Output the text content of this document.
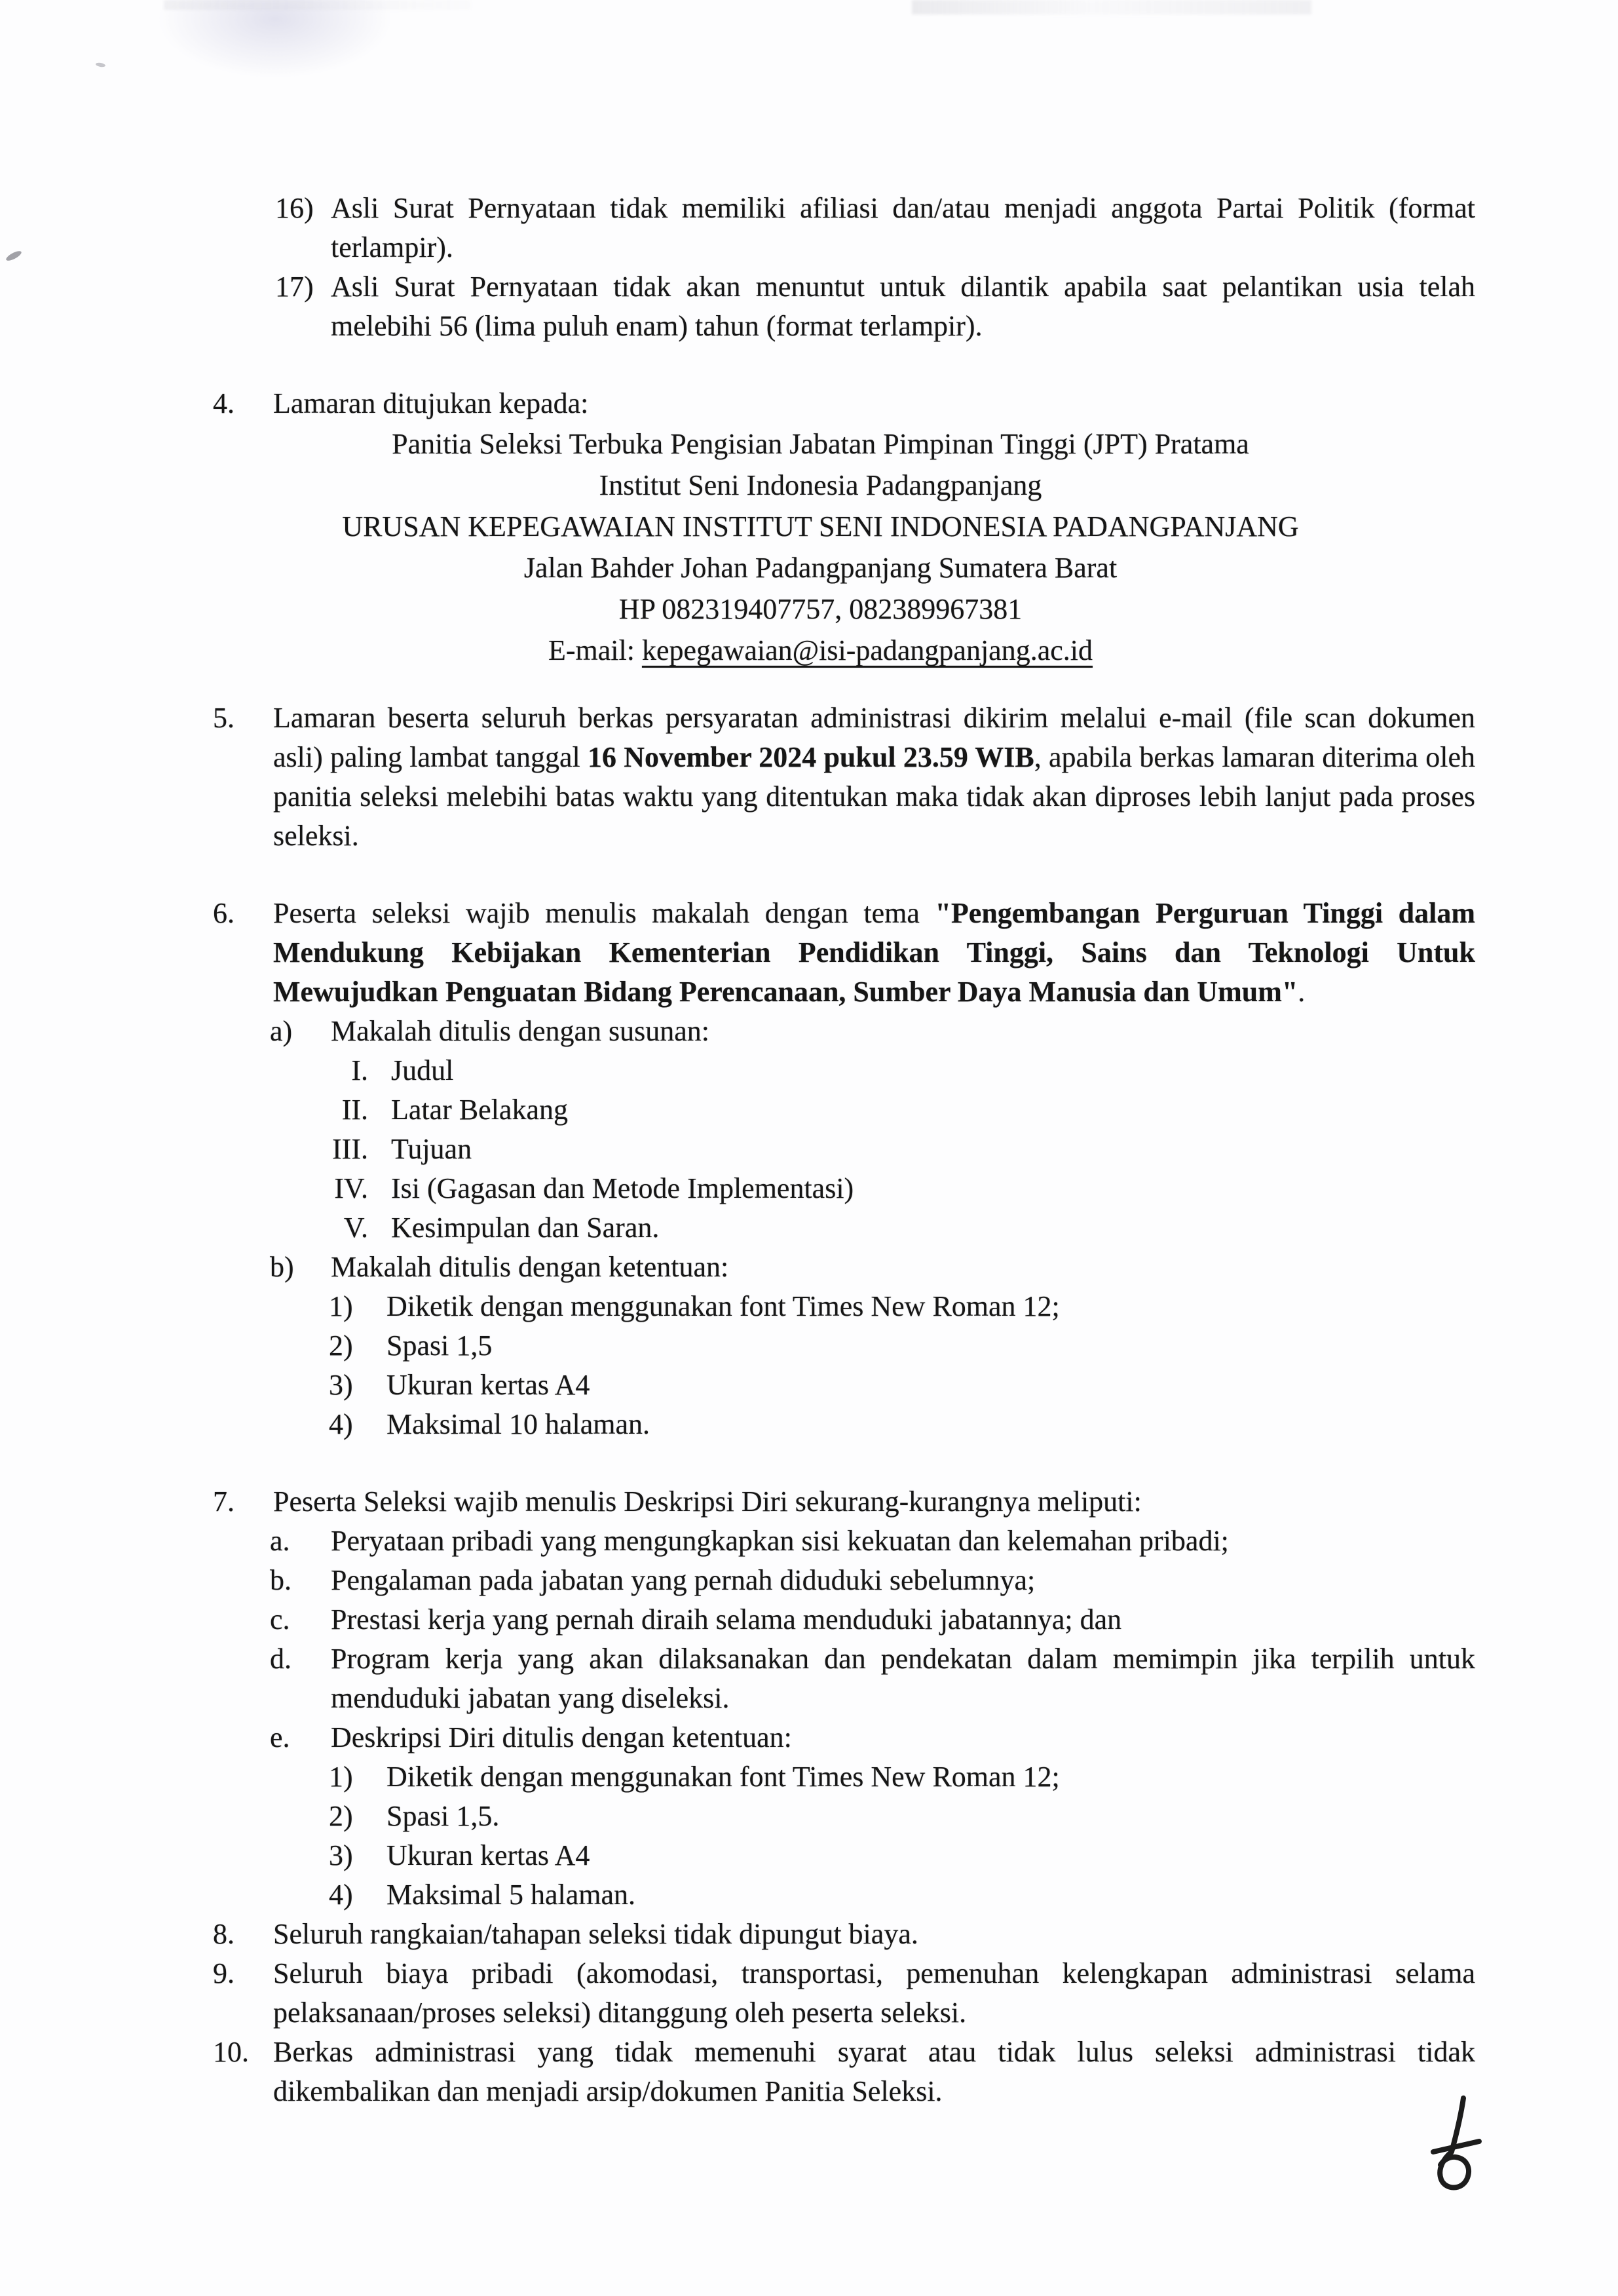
16) Asli Surat Pernyataan tidak memiliki afiliasi dan/atau menjadi anggota Partai Politik (format terlampir).
17) Asli Surat Pernyataan tidak akan menuntut untuk dilantik apabila saat pelantikan usia telah melebihi 56 (lima puluh enam) tahun (format terlampir).
4. Lamaran ditujukan kepada:
Panitia Seleksi Terbuka Pengisian Jabatan Pimpinan Tinggi (JPT) Pratama
Institut Seni Indonesia Padangpanjang
URUSAN KEPEGAWAIAN INSTITUT SENI INDONESIA PADANGPANJANG
Jalan Bahder Johan Padangpanjang Sumatera Barat
HP 082319407757, 082389967381
E-mail: kepegawaian@isi-padangpanjang.ac.id
5. Lamaran beserta seluruh berkas persyaratan administrasi dikirim melalui e-mail (file scan dokumen asli) paling lambat tanggal 16 November 2024 pukul 23.59 WIB, apabila berkas lamaran diterima oleh panitia seleksi melebihi batas waktu yang ditentukan maka tidak akan diproses lebih lanjut pada proses seleksi.
6. Peserta seleksi wajib menulis makalah dengan tema "Pengembangan Perguruan Tinggi dalam Mendukung Kebijakan Kementerian Pendidikan Tinggi, Sains dan Teknologi Untuk Mewujudkan Penguatan Bidang Perencanaan, Sumber Daya Manusia dan Umum".
a) Makalah ditulis dengan susunan:
I. Judul
II. Latar Belakang
III. Tujuan
IV. Isi (Gagasan dan Metode Implementasi)
V. Kesimpulan dan Saran.
b) Makalah ditulis dengan ketentuan:
1) Diketik dengan menggunakan font Times New Roman 12;
2) Spasi 1,5
3) Ukuran kertas A4
4) Maksimal 10 halaman.
7. Peserta Seleksi wajib menulis Deskripsi Diri sekurang-kurangnya meliputi:
a. Peryataan pribadi yang mengungkapkan sisi kekuatan dan kelemahan pribadi;
b. Pengalaman pada jabatan yang pernah diduduki sebelumnya;
c. Prestasi kerja yang pernah diraih selama menduduki jabatannya; dan
d. Program kerja yang akan dilaksanakan dan pendekatan dalam memimpin jika terpilih untuk menduduki jabatan yang diseleksi.
e. Deskripsi Diri ditulis dengan ketentuan:
1) Diketik dengan menggunakan font Times New Roman 12;
2) Spasi 1,5.
3) Ukuran kertas A4
4) Maksimal 5 halaman.
8. Seluruh rangkaian/tahapan seleksi tidak dipungut biaya.
9. Seluruh biaya pribadi (akomodasi, transportasi, pemenuhan kelengkapan administrasi selama pelaksanaan/proses seleksi) ditanggung oleh peserta seleksi.
10. Berkas administrasi yang tidak memenuhi syarat atau tidak lulus seleksi administrasi tidak dikembalikan dan menjadi arsip/dokumen Panitia Seleksi.
